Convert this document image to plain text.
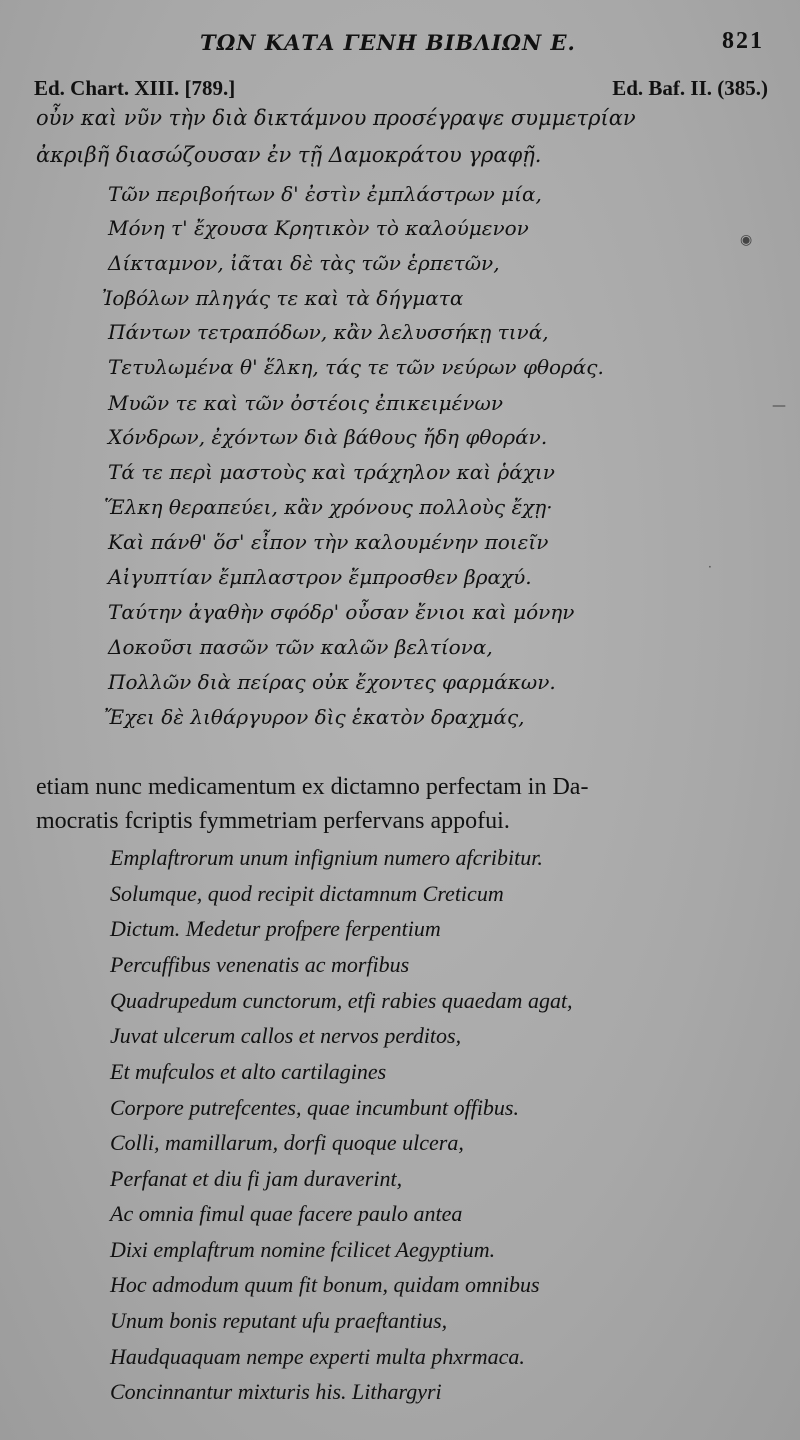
ΤΩΝ ΚΑΤΑ ΓΕΝΗ ΒΙΒΛΙΩΝ Ε.	821
Ed. Chart. XIII. [789.]	Ed. Baf. II. (385.)
οὖν καὶ νῦν τὴν διὰ δικτάμνου προσέγραψε συμμετρίαν
ἀκριβῆ διασώζουσαν ἐν τῇ Δαμοκράτου γραφῇ.
Τῶν περιβοήτων δ' ἐστὶν ἐμπλάστρων μία,
Μόνη τ' ἔχουσα Κρητικὸν τὸ καλούμενον
Δίκταμνον, ἰᾶται δὲ τὰς τῶν ἑρπετῶν,
Ἰοβόλων πληγάς τε καὶ τὰ δήγματα
Πάντων τετραπόδων, κἂν λελυσσήκῃ τινά,
Τετυλωμένα θ' ἕλκη, τάς τε τῶν νεύρων φθοράς.
Μυῶν τε καὶ τῶν ὀστέοις ἐπικειμένων
Χόνδρων, ἐχόντων διὰ βάθους ἤδη φθοράν.
Τά τε περὶ μαστοὺς καὶ τράχηλον καὶ ῥάχιν
Ἕλκη θεραπεύει, κἂν χρόνους πολλοὺς ἔχῃ·
Καὶ πάνθ' ὅσ' εἶπον τὴν καλουμένην ποιεῖν
Αἰγυπτίαν ἔμπλαστρον ἔμπροσθεν βραχύ.
Ταύτην ἀγαθὴν σφόδρ' οὖσαν ἔνιοι καὶ μόνην
Δοκοῦσι πασῶν τῶν καλῶν βελτίονα,
Πολλῶν διὰ πείρας οὐκ ἔχοντες φαρμάκων.
Ἔχει δὲ λιθάργυρον δὶς ἑκατὸν δραχμάς,
etiam nunc medicamentum ex dictamno perfectam in Da-
mocratis fcriptis fymmetriam perfervans appofui.
Emplaftrorum unum infignium numero afcribitur.
Solumque, quod recipit dictamnum Creticum
Dictum. Medetur profpere ferpentium
Percuffibus venenatis ac morfibus
Quadrupedum cunctorum, etfi rabies quaedam agat,
Juvat ulcerum callos et nervos perditos,
Et mufculos et alto cartilagines
Corpore putrefcentes, quae incumbunt offibus.
Colli, mamillarum, dorfi quoque ulcera,
Perfanat et diu fi jam duraverint,
Ac omnia fimul quae facere paulo antea
Dixi emplaftrum nomine fcilicet Aegyptium.
Hoc admodum quum fit bonum, quidam omnibus
Unum bonis reputant ufu praeftantius,
Haudquaquam nempe experti multa phxrmaca.
Concinnantur mixturis his. Lithargyri
◉
—
·
